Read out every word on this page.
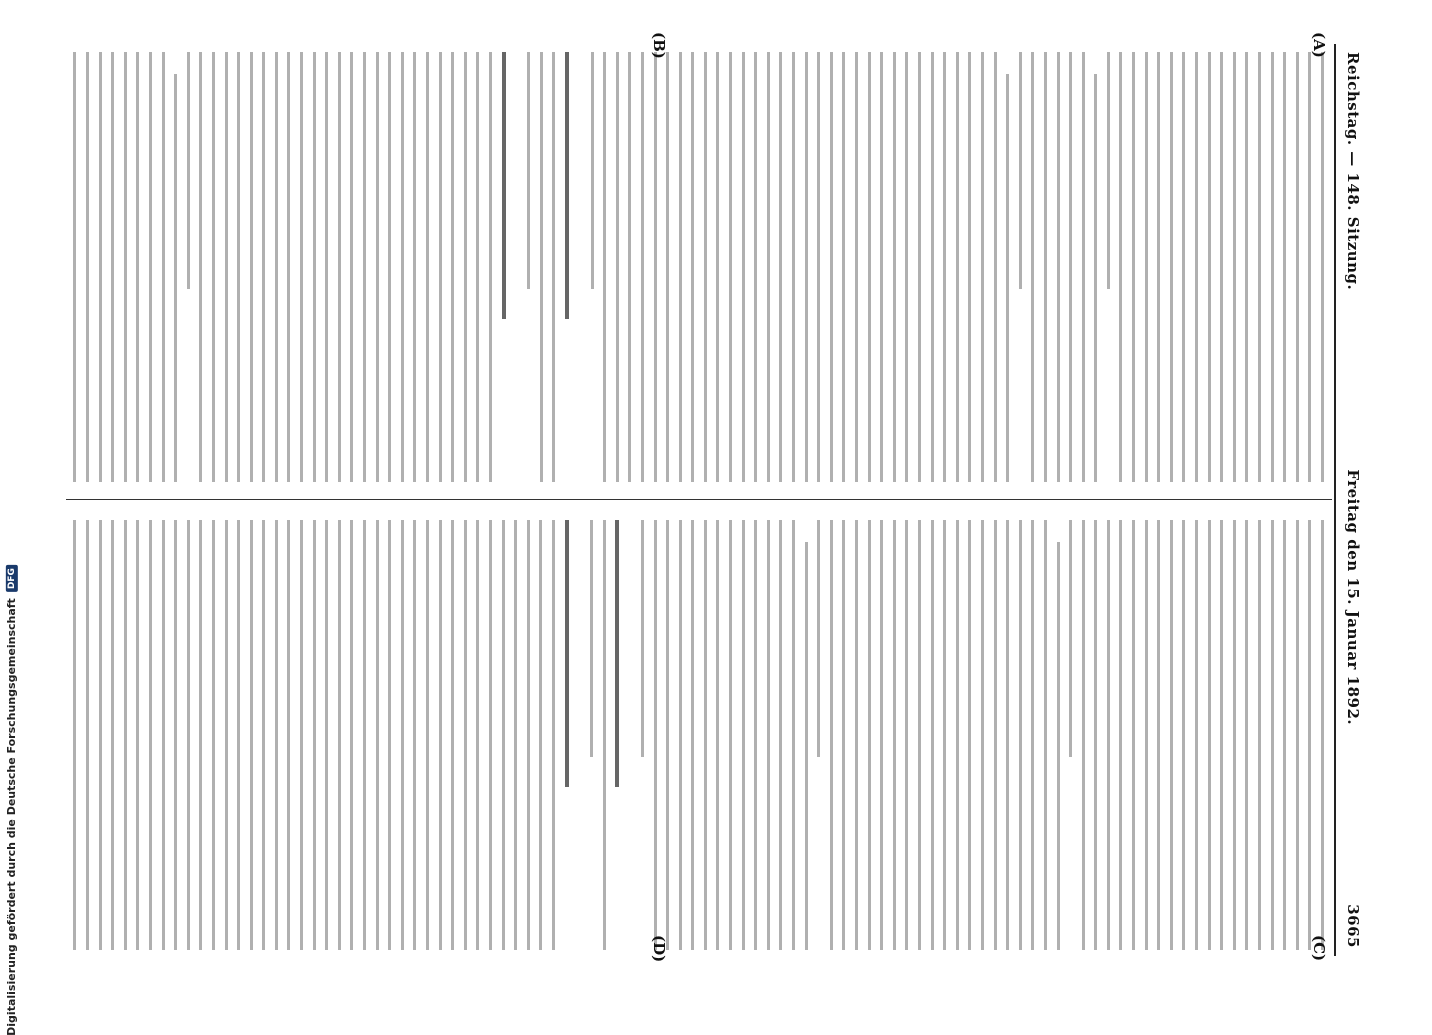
Reichstag. — 148. Sitzung.
Freitag den 15. Januar 1892.
3665
(A)
(B)
(C)
(D)
Digitalisierung gefördert durch die Deutsche Forschungsgemeinschaft
DFG
